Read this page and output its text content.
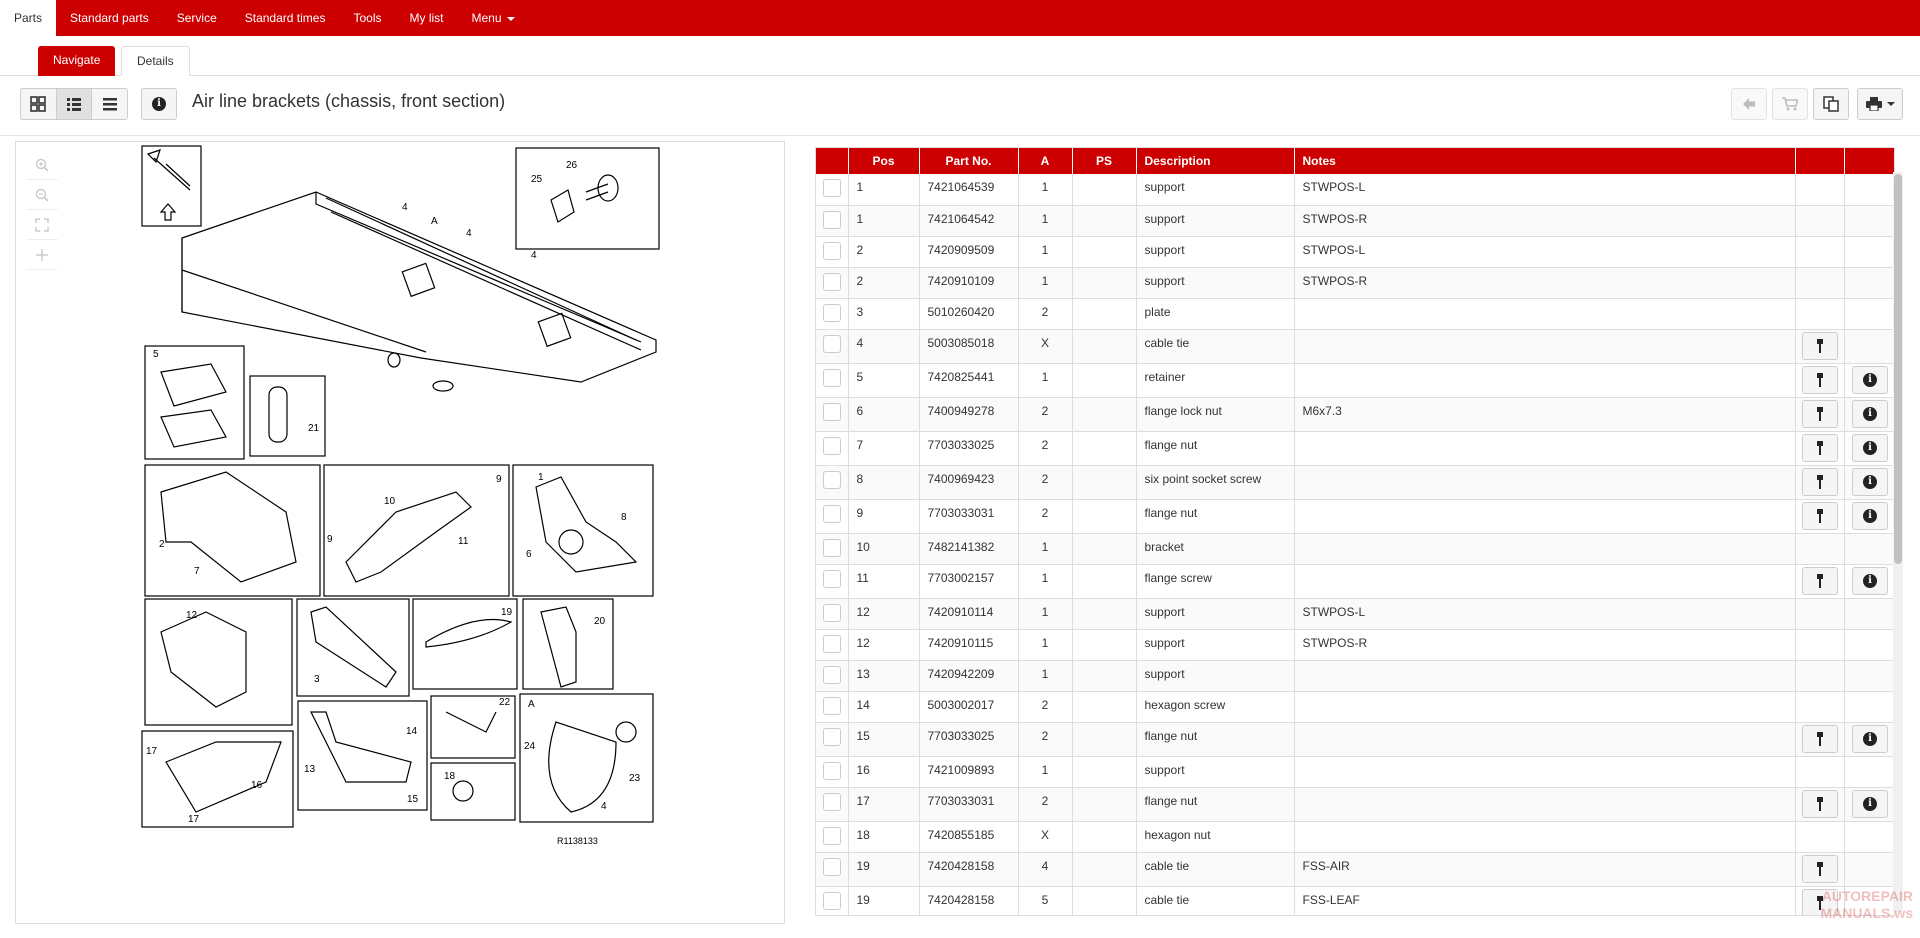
Parts	Standard parts	Service	Standard times	Tools	My list	Menu
Navigate	Details
i Air line brackets (chassis, front section)
4
A
4
4
25
26
5
21
2
7
10
9
11
9
1
8
6
12
3
19
20
17
16
17
13
14
15
22
18
A
24
23
4
R1138133
	Pos	Part No.	A	PS	Description	Notes		
	1	7421064539	1		support	STWPOS-L		
	1	7421064542	1		support	STWPOS-R		
	2	7420909509	1		support	STWPOS-L		
	2	7420910109	1		support	STWPOS-R		
	3	5010260420	2		plate			
	4	5003085018	X		cable tie		

	5	7420825441	1		retainer			i

	6	7400949278	2		flange lock nut	M6x7.3		i

	7	7703033025	2		flange nut			i

	8	7400969423	2		six point socket screw			i

	9	7703033031	2		flange nut			i

	10	7482141382	1		bracket			
	11	7703002157	1		flange screw			i

	12	7420910114	1		support	STWPOS-L		
	12	7420910115	1		support	STWPOS-R		
	13	7420942209	1		support			
	14	5003002017	2		hexagon screw			
	15	7703033025	2		flange nut			i

	16	7421009893	1		support			
	17	7703033031	2		flange nut			i

	18	7420855185	X		hexagon nut			
	19	7420428158	4		cable tie	FSS-AIR	

	19	7420428158	5		cable tie	FSS-LEAF	
		AUTOREPAIR
MANUALS.ws
